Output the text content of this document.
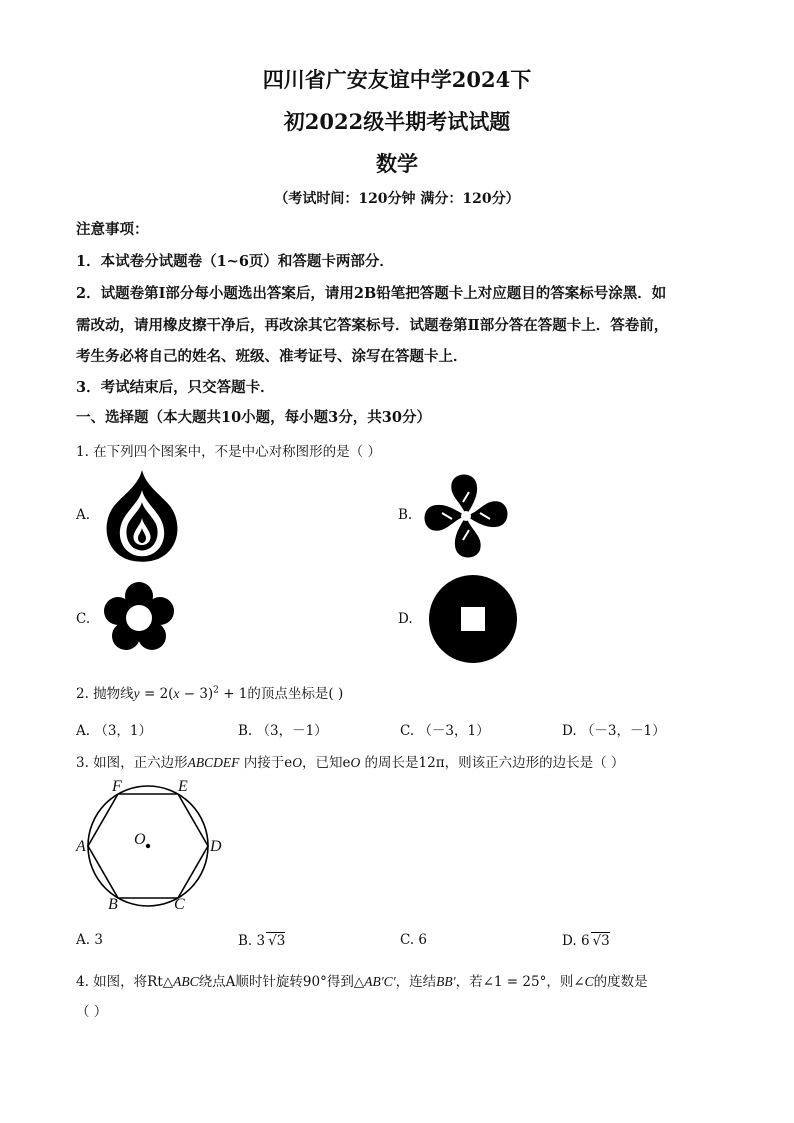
四川省广安友谊中学2024下
初2022级半期考试试题
数学
（考试时间：120分钟 满分：120分）
注意事项：
1．本试卷分试题卷（1~6页）和答题卡两部分．
2．试题卷第Ⅰ部分每小题选出答案后，请用2B铅笔把答题卡上对应题目的答案标号涂黑．如
需改动，请用橡皮擦干净后，再改涂其它答案标号．试题卷第Ⅱ部分答在答题卡上．答卷前，
考生务必将自己的姓名、班级、准考证号、涂写在答题卡上．
3．考试结束后，只交答题卡．
一、选择题（本大题共10小题，每小题3分，共30分）
1. 在下列四个图案中，不是中心对称图形的是（ ）
A.	B.
C.	D.
2. 抛物线$y = 2(x - 3)^2 + 1$的顶点坐标是( )
A. （3，1）	B. （3，－1）	C. （－3，1）	D. （－3，－1）
3. 如图，正六边形ABCDEF 内接于eO，已知eO 的周长是12π，则该正六边形的边长是（ ）
A
B	C
D
E
F
O
A. 3	B. 3 √3	C. 6	D. 6 √3
4. 如图，将Rt△ABC绕点A顺时针旋转90°得到△AB′C′，连结BB′，若∠1 = 25°，则∠C的度数是
（ ）
